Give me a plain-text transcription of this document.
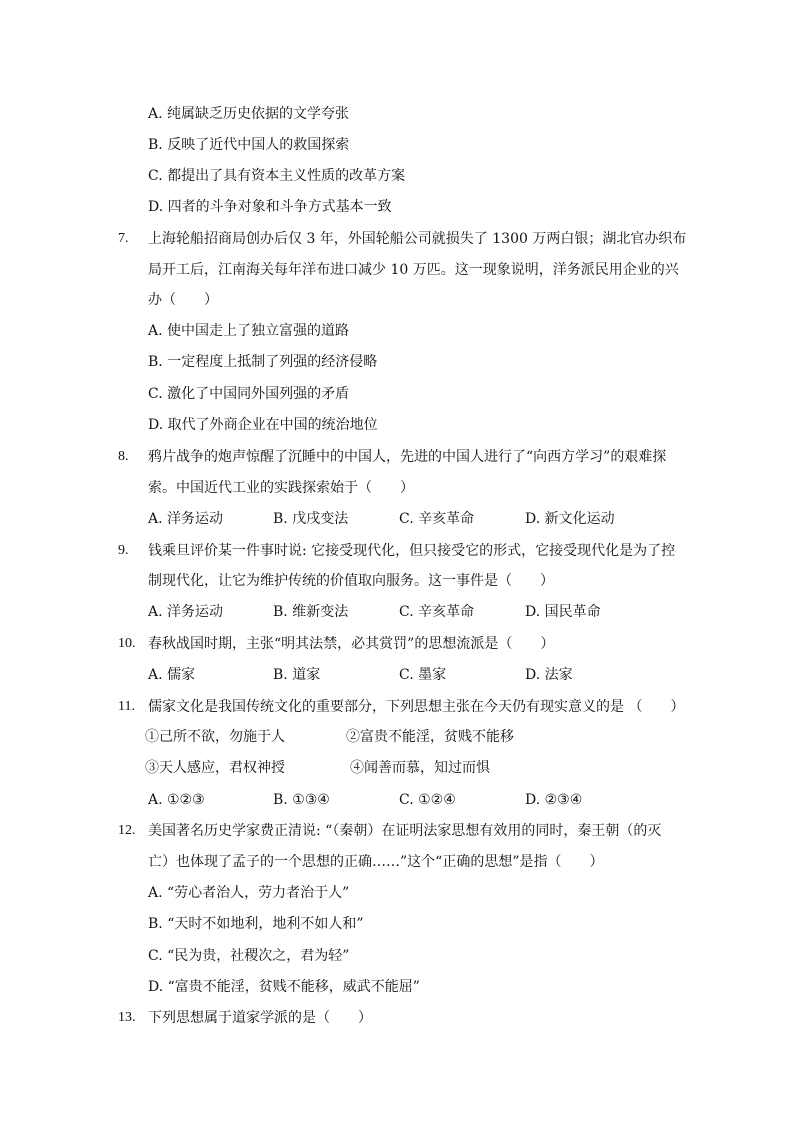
A. 纯属缺乏历史依据的文学夸张
B. 反映了近代中国人的救国探索
C. 都提出了具有资本主义性质的改革方案
D. 四者的斗争对象和斗争方式基本一致
7. 上海轮船招商局创办后仅 3 年，外国轮船公司就损失了 1300 万两白银；湖北官办织布
局开工后，江南海关每年洋布进口减少 10 万匹。这一现象说明，洋务派民用企业的兴
办（　　）
A. 使中国走上了独立富强的道路
B. 一定程度上抵制了列强的经济侵略
C. 激化了中国同外国列强的矛盾
D. 取代了外商企业在中国的统治地位
8. 鸦片战争的炮声惊醒了沉睡中的中国人，先进的中国人进行了“向西方学习”的艰难探
索。中国近代工业的实践探索始于（　　）
A. 洋务运动	B. 戊戌变法	C. 辛亥革命	D. 新文化运动
9. 钱乘旦评价某一件事时说: 它接受现代化，但只接受它的形式，它接受现代化是为了控
制现代化，让它为维护传统的价值取向服务。这一事件是（　　）
A. 洋务运动	B. 维新变法	C. 辛亥革命	D. 国民革命
10. 春秋战国时期，主张“明其法禁，必其赏罚”的思想流派是（　　）
A. 儒家	B. 道家	C. 墨家	D. 法家
11. 儒家文化是我国传统文化的重要部分，下列思想主张在今天仍有现实意义的是 （　　）
①己所不欲，勿施于人	②富贵不能淫，贫贱不能移
③天人感应，君权神授	④闻善而慕，知过而惧
A. ①②③	B. ①③④	C. ①②④	D. ②③④
12. 美国著名历史学家费正清说: “（秦朝）在证明法家思想有效用的同时，秦王朝（的灭
亡）也体现了孟子的一个思想的正确……”这个“正确的思想”是指（　　）
A. “劳心者治人，劳力者治于人”
B. “天时不如地利，地利不如人和”
C. “民为贵，社稷次之，君为轻”
D. “富贵不能淫，贫贱不能移，威武不能屈”
13. 下列思想属于道家学派的是（　　）
